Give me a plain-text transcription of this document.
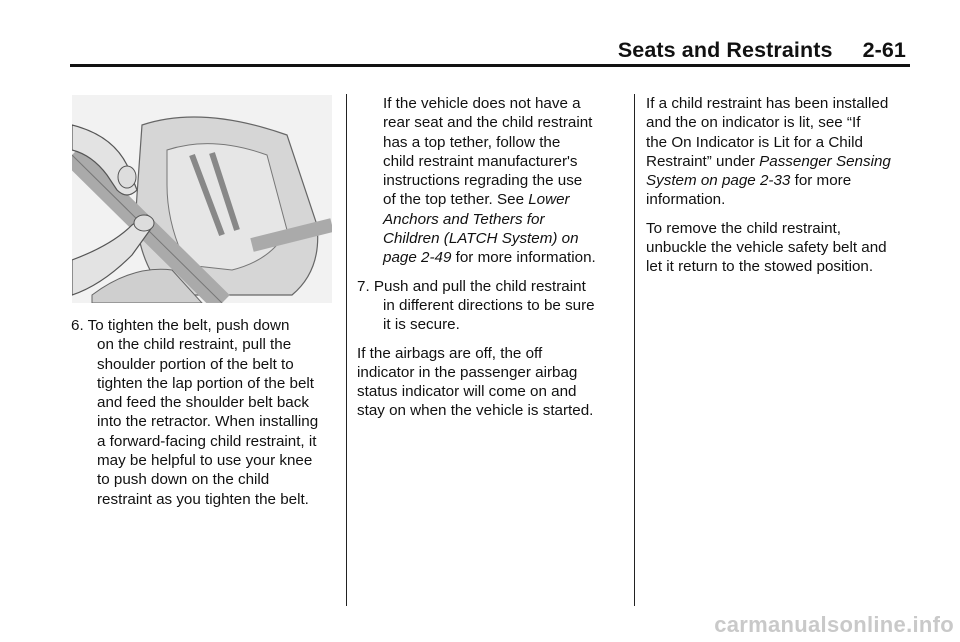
Seats and Restraints 2-61

6. To tighten the belt, push down

on the child restraint, pull the

shoulder portion of the belt to

tighten the lap portion of the belt

and feed the shoulder belt back

into the retractor. When installing

a forward-facing child restraint, it

may be helpful to use your knee

to push down on the child

restraint as you tighten the belt.

If the vehicle does not have a

rear seat and the child restraint

has a top tether, follow the

child restraint manufacturer's

instructions regrading the use

of the top tether. See Lower

Anchors and Tethers for

Children (LATCH System) on

page 2-49 for more information.

7. Push and pull the child restraint

in different directions to be sure

it is secure.

If the airbags are off, the off

indicator in the passenger airbag

status indicator will come on and

stay on when the vehicle is started.

If a child restraint has been installed

and the on indicator is lit, see “If

the On Indicator is Lit for a Child

Restraint” under Passenger Sensing

System on page 2-33 for more

information.

To remove the child restraint,

unbuckle the vehicle safety belt and

let it return to the stowed position.

carmanualsonline.info
